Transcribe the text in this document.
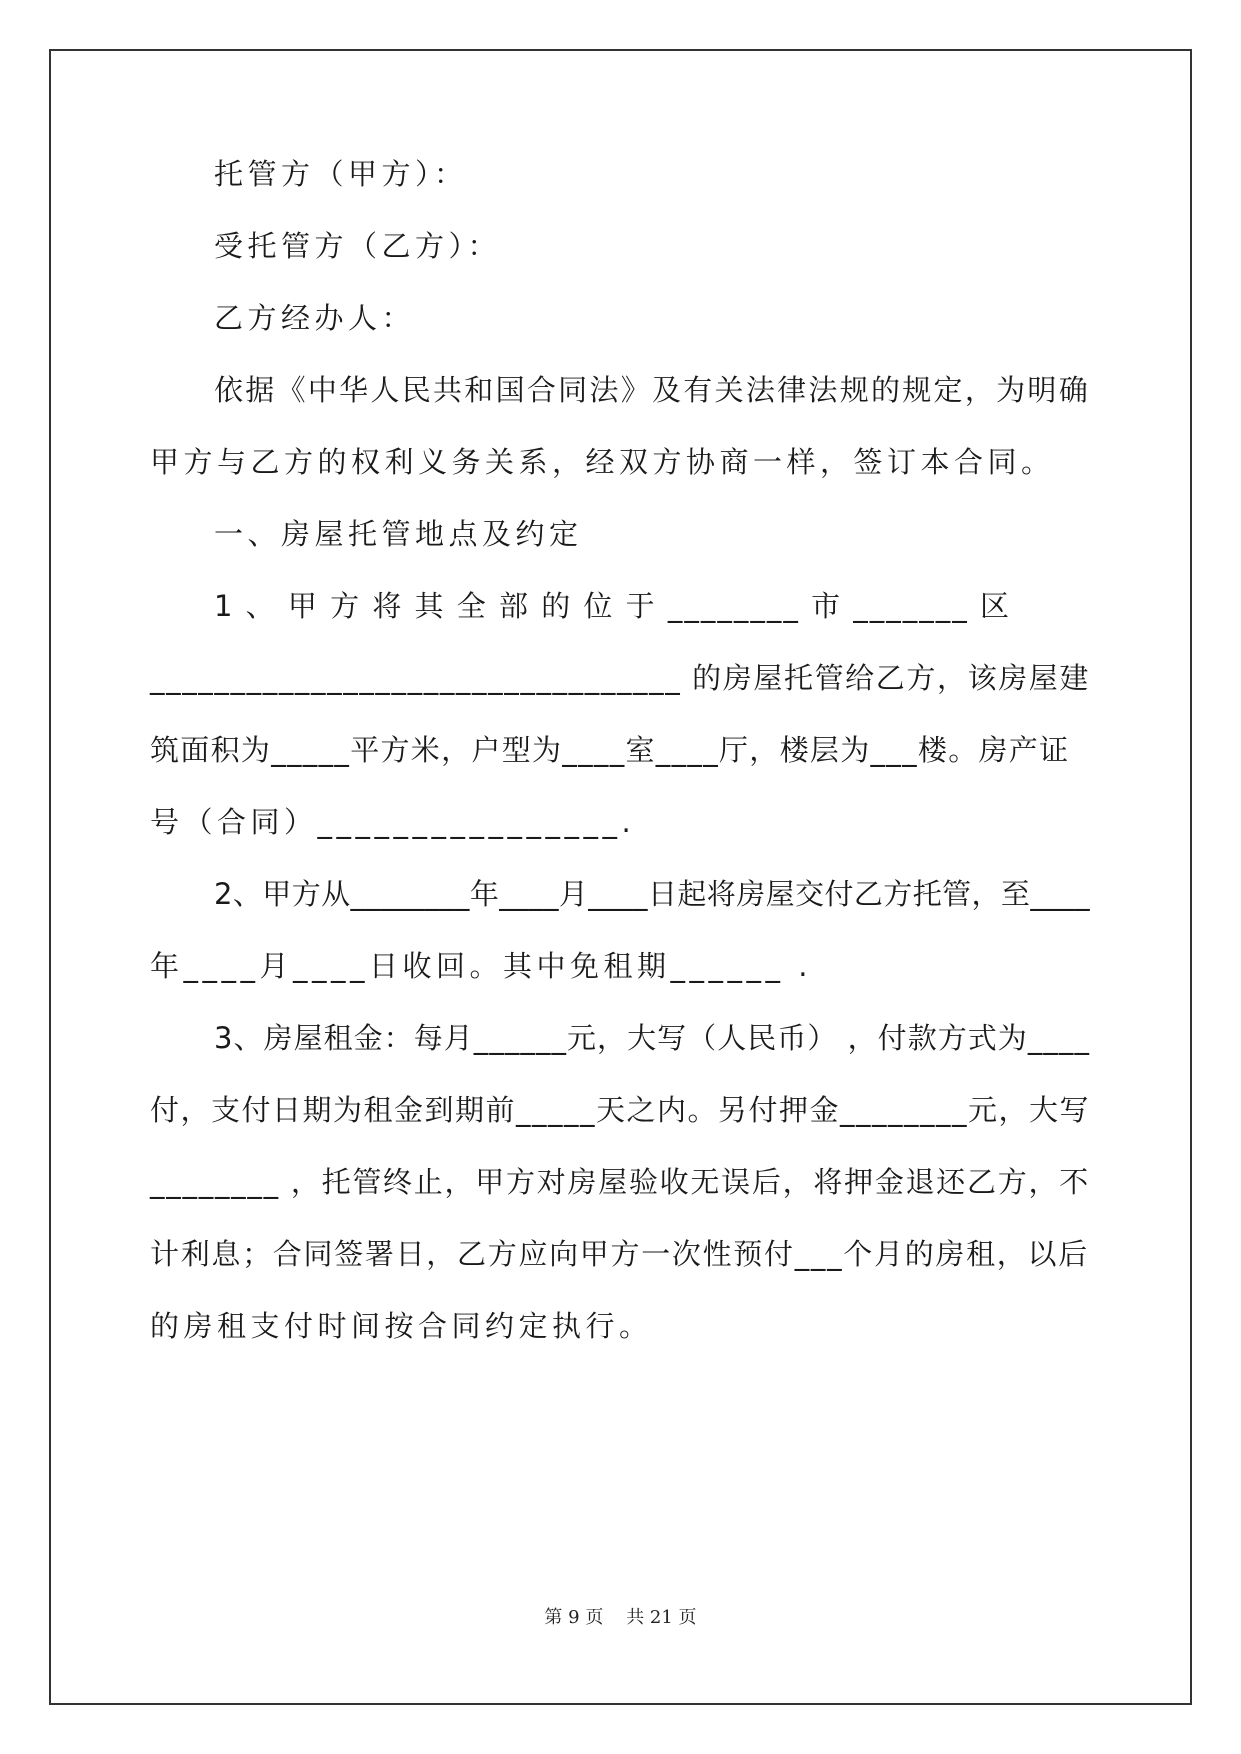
托管方（甲方）：
受托管方（乙方）：
乙方经办人：
依据《中华人民共和国合同法》及有关法律法规的规定，为明确
甲方与乙方的权利义务关系，经双方协商一样，签订本合同。
一、房屋托管地点及约定
1 、 甲 方 将 其 全 部 的 位 于 ________ 市 _______ 区
_________________________________ 的房屋托管给乙方，该房屋建
筑面积为_____平方米，户型为____室____厅，楼层为___楼。房产证
号（合同）________________.
2、甲方从________年____月____日起将房屋交付乙方托管，至____
年____月____日收回。其中免租期______ .
3、房屋租金：每月______元，大写（人民币） ，付款方式为____
付，支付日期为租金到期前_____天之内。另付押金________元，大写
________ ，托管终止，甲方对房屋验收无误后，将押金退还乙方，不
计利息；合同签署日，乙方应向甲方一次性预付___个月的房租，以后
的房租支付时间按合同约定执行。
第 9 页    共 21 页
